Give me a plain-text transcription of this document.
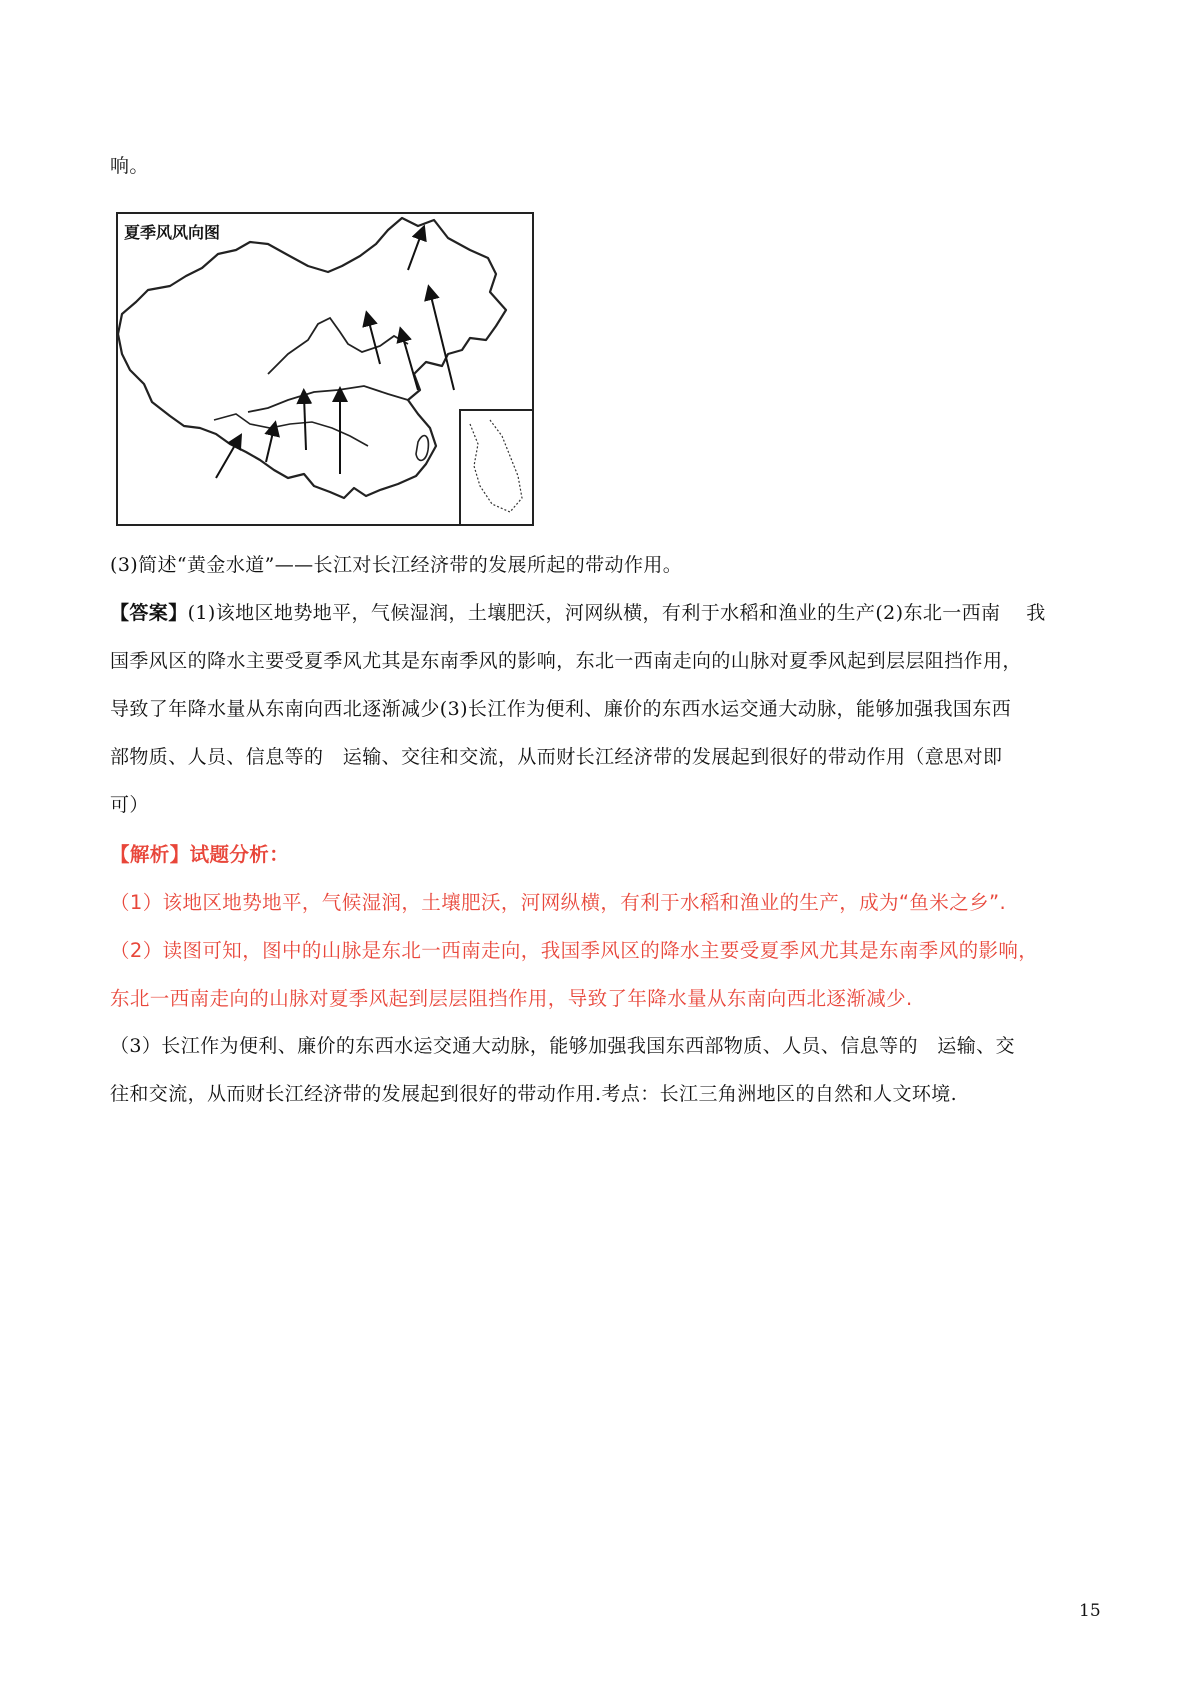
响。
夏季风风向图
(3)简述“黄金水道”——长江对长江经济带的发展所起的带动作用。
【答案】(1)该地区地势地平，气候湿润，土壤肥沃，河网纵横，有利于水稻和渔业的生产(2)东北一西南　 我
国季风区的降水主要受夏季风尤其是东南季风的影响，东北一西南走向的山脉对夏季风起到层层阻挡作用，
导致了年降水量从东南向西北逐渐减少(3)长江作为便利、廉价的东西水运交通大动脉，能够加强我国东西
部物质、人员、信息等的　运输、交往和交流，从而财长江经济带的发展起到很好的带动作用（意思对即
可）
【解析】试题分析：
（1）该地区地势地平，气候湿润，土壤肥沃，河网纵横，有利于水稻和渔业的生产，成为“鱼米之乡”.
（2）读图可知，图中的山脉是东北一西南走向，我国季风区的降水主要受夏季风尤其是东南季风的影响，
东北一西南走向的山脉对夏季风起到层层阻挡作用，导致了年降水量从东南向西北逐渐减少.
（3）长江作为便利、廉价的东西水运交通大动脉，能够加强我国东西部物质、人员、信息等的　运输、交
往和交流，从而财长江经济带的发展起到很好的带动作用.考点：长江三角洲地区的自然和人文环境.
15
